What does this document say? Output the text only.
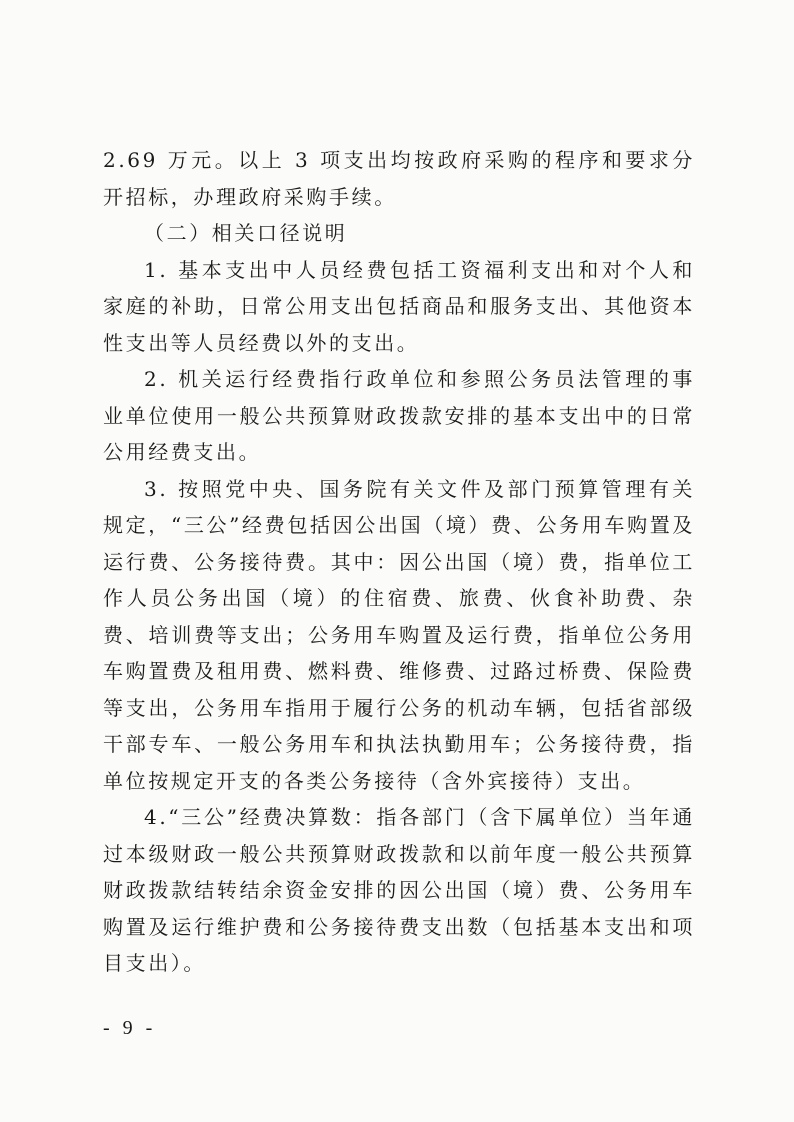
2.69 万元。以上 3 项支出均按政府采购的程序和要求分开招标，办理政府采购手续。

（二）相关口径说明

1. 基本支出中人员经费包括工资福利支出和对个人和家庭的补助，日常公用支出包括商品和服务支出、其他资本性支出等人员经费以外的支出。

2. 机关运行经费指行政单位和参照公务员法管理的事业单位使用一般公共预算财政拨款安排的基本支出中的日常公用经费支出。

3. 按照党中央、国务院有关文件及部门预算管理有关规定，“三公”经费包括因公出国（境）费、公务用车购置及运行费、公务接待费。其中：因公出国（境）费，指单位工作人员公务出国（境）的住宿费、旅费、伙食补助费、杂费、培训费等支出；公务用车购置及运行费，指单位公务用车购置费及租用费、燃料费、维修费、过路过桥费、保险费等支出，公务用车指用于履行公务的机动车辆，包括省部级干部专车、一般公务用车和执法执勤用车；公务接待费，指单位按规定开支的各类公务接待（含外宾接待）支出。

4.“三公”经费决算数：指各部门（含下属单位）当年通过本级财政一般公共预算财政拨款和以前年度一般公共预算财政拨款结转结余资金安排的因公出国（境）费、公务用车购置及运行维护费和公务接待费支出数（包括基本支出和项目支出）。

- 9 -
